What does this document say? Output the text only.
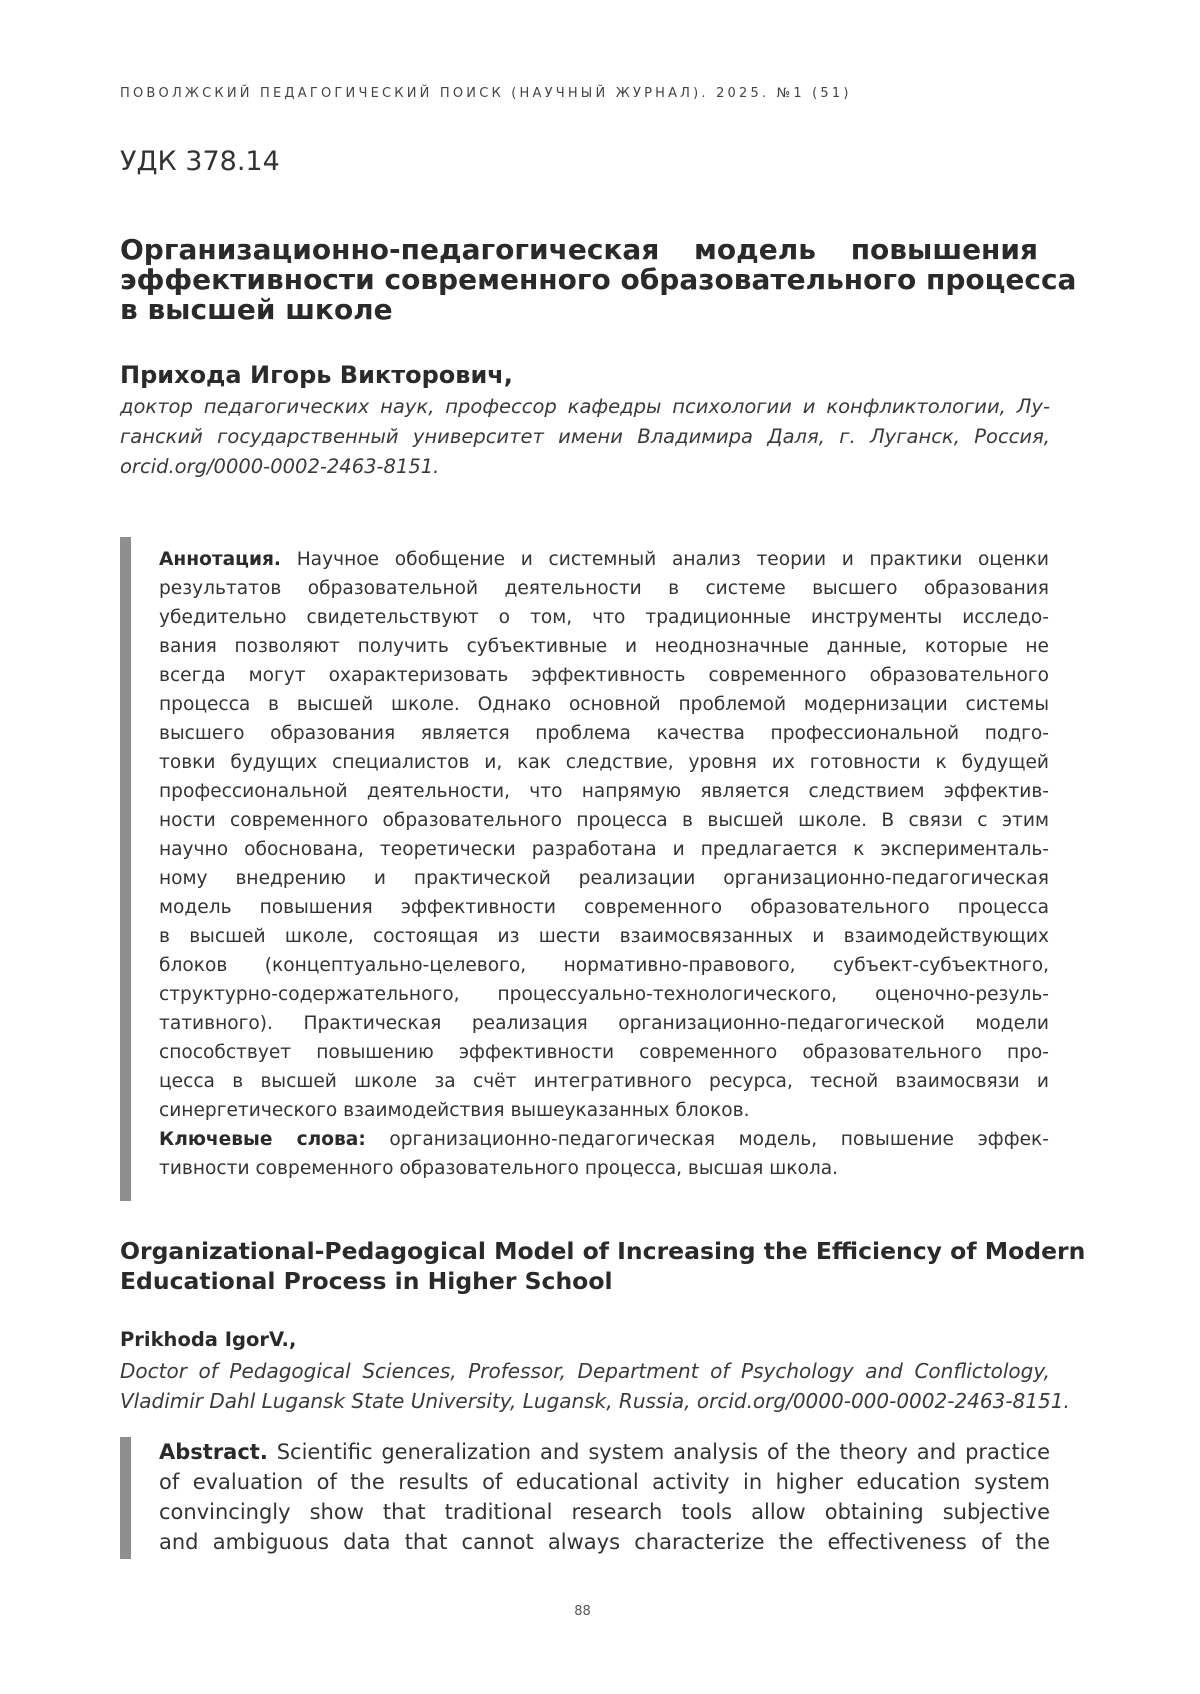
ПОВОЛЖСКИЙ ПЕДАГОГИЧЕСКИЙ ПОИСК (НАУЧНЫЙ ЖУРНАЛ). 2025. №1 (51)

УДК 378.14

Организационно-педагогическая модель повышения
эффективности современного образовательного процесса
в высшей школе

Прихода Игорь Викторович,

доктор педагогических наук, профессор кафедры психологии и конфликтологии, Лу-
ганский государственный университет имени Владимира Даля, г. Луганск, Россия,
orcid.org/0000-0002-2463-8151.

Аннотация. Научное обобщение и системный анализ теории и практики оценки
результатов образовательной деятельности в системе высшего образования
убедительно свидетельствуют о том, что традиционные инструменты исследо-
вания позволяют получить субъективные и неоднозначные данные, которые не
всегда могут охарактеризовать эффективность современного образовательного
процесса в высшей школе. Однако основной проблемой модернизации системы
высшего образования является проблема качества профессиональной подго-
товки будущих специалистов и, как следствие, уровня их готовности к будущей
профессиональной деятельности, что напрямую является следствием эффектив-
ности современного образовательного процесса в высшей школе. В связи с этим
научно обоснована, теоретически разработана и предлагается к эксперименталь-
ному внедрению и практической реализации организационно-педагогическая
модель повышения эффективности современного образовательного процесса
в высшей школе, состоящая из шести взаимосвязанных и взаимодействующих
блоков (концептуально-целевого, нормативно-правового, субъект-субъектного,
структурно-содержательного, процессуально-технологического, оценочно-резуль-
тативного). Практическая реализация организационно-педагогической модели
способствует повышению эффективности современного образовательного про-
цесса в высшей школе за счёт интегративного ресурса, тесной взаимосвязи и
синергетического взаимодействия вышеуказанных блоков.
Ключевые слова: организационно-педагогическая модель, повышение эффек-
тивности современного образовательного процесса, высшая школа.
Organizational-Pedagogical Model of Increasing the Efficiency of Modern
Educational Process in Higher School

Prikhoda IgorV.,

Doctor of Pedagogical Sciences, Professor, Department of Psychology and Conflictology,
Vladimir Dahl Lugansk State University, Lugansk, Russia, orcid.org/0000-000-0002-2463-8151.

Abstract. Scientific generalization and system analysis of the theory and practice
of evaluation of the results of educational activity in higher education system
convincingly show that traditional research tools allow obtaining subjective
and ambiguous data that cannot always characterize the effectiveness of the

88
